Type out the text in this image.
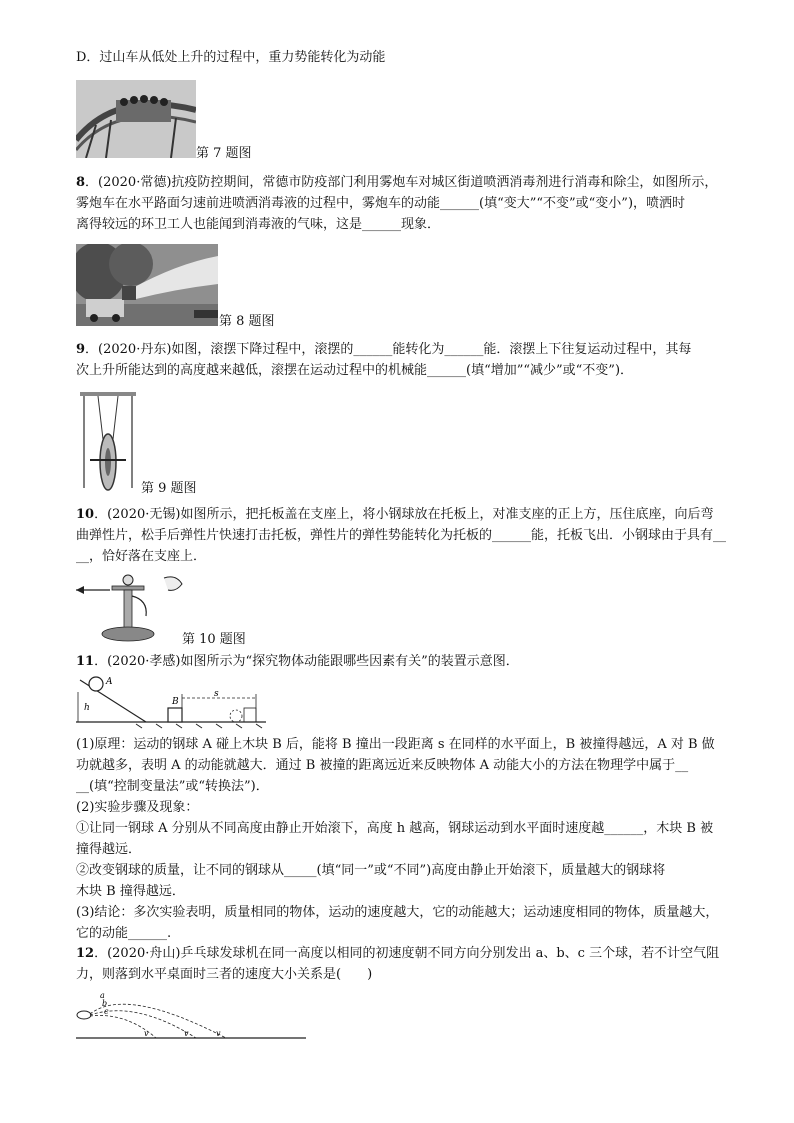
D．过山车从低处上升的过程中，重力势能转化为动能
第 7 题图
8．(2020·常德)抗疫防控期间，常德市防疫部门利用雾炮车对城区街道喷洒消毒剂进行消毒和除尘，如图所示，
雾炮车在水平路面匀速前进喷洒消毒液的过程中，雾炮车的动能______(填“变大”“不变”或“变小”)，喷洒时
离得较远的环卫工人也能闻到消毒液的气味，这是______现象．
第 8 题图
9．(2020·丹东)如图，滚摆下降过程中，滚摆的______能转化为______能．滚摆上下往复运动过程中，其每
次上升所能达到的高度越来越低，滚摆在运动过程中的机械能______(填“增加”“减少”或“不变”)．
第 9 题图
10．(2020·无锡)如图所示，把托板盖在支座上，将小钢球放在托板上，对准支座的正上方，压住底座，向后弯
曲弹性片，松手后弹性片快速打击托板，弹性片的弹性势能转化为托板的______能，托板飞出．小钢球由于具有__
__，恰好落在支座上．
第 10 题图
11．(2020·孝感)如图所示为“探究物体动能跟哪些因素有关”的装置示意图．
A
B
s
h
(1)原理：运动的钢球 A 碰上木块 B 后，能将 B 撞出一段距离 s 在同样的水平面上，B 被撞得越远，A 对 B 做
功就越多，表明 A 的动能就越大．通过 B 被撞的距离远近来反映物体 A 动能大小的方法在物理学中属于__
__(填“控制变量法”或“转换法”)．
(2)实验步骤及现象：
①让同一钢球 A 分别从不同高度由静止开始滚下，高度 h 越高，钢球运动到水平面时速度越______，木块 B 被
撞得越远．
②改变钢球的质量，让不同的钢球从_____(填“同一”或“不同”)高度由静止开始滚下，质量越大的钢球将
木块 B 撞得越远．
(3)结论：多次实验表明，质量相同的物体，运动的速度越大，它的动能越大；运动速度相同的物体，质量越大，
它的动能______.
12．(2020·舟山)乒乓球发球机在同一高度以相同的初速度朝不同方向分别发出 a、b、c 三个球，若不计空气阻
力，则落到水平桌面时三者的速度大小关系是(　　)
a
b
c
v	v	v
